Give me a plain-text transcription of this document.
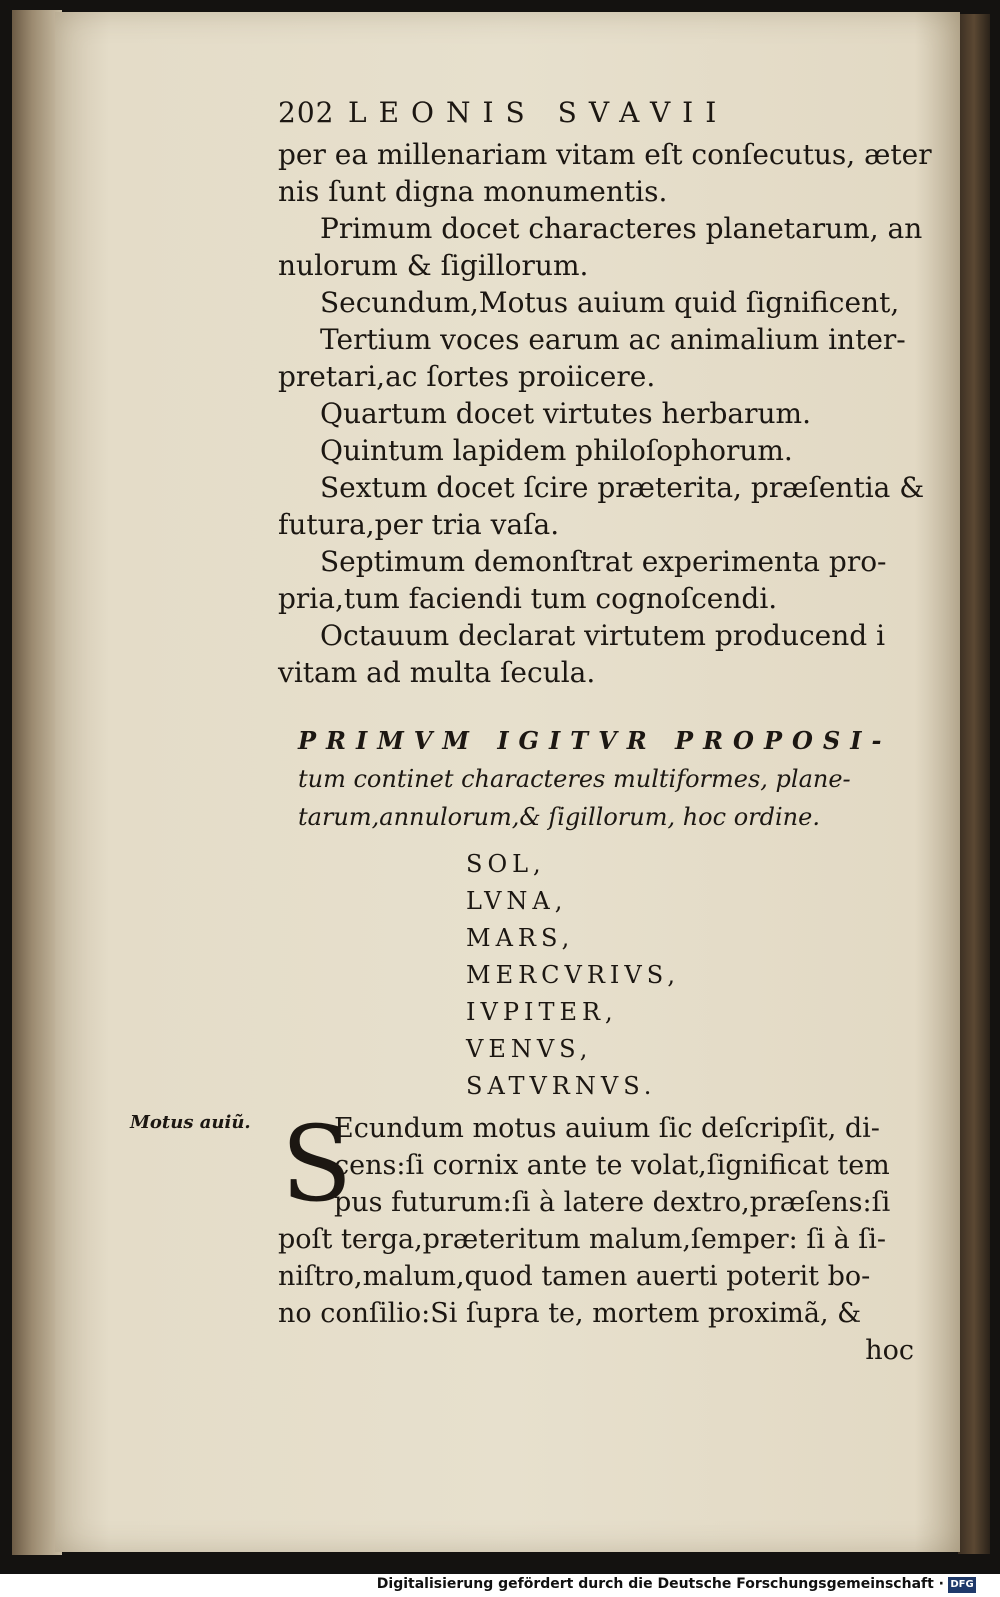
202 LEONIS SVAVII
per ea millenariam vitam eſt conſecutus, æter
nis ſunt digna monumentis.
Primum docet characteres planetarum, an
nulorum & ſigillorum.
Secundum,Motus auium quid ſignificent,
Tertium voces earum ac animalium inter-
pretari,ac ſortes proiicere.
Quartum docet virtutes herbarum.
Quintum lapidem philoſophorum.
Sextum docet ſcire præterita, præſentia &
futura,per tria vaſa.
Septimum demonſtrat experimenta pro-
pria,tum faciendi tum cognoſcendi.
Octauum declarat virtutem producend i
vitam ad multa ſecula.
PRIMVM IGITVR PROPOSI-
tum continet characteres multiformes, plane-
tarum,annulorum,& ſigillorum, hoc ordine.
SOL,
LVNA,
MARS,
MERCVRIVS,
IVPITER,
VENVS,
SATVRNVS.
Motus auiũ. S
Ecundum motus auium ſic deſcripſit, di-
cens:ſi cornix ante te volat,ſignificat tem
pus futurum:ſi à latere dextro,præſens:ſi
poſt terga,præteritum malum,ſemper: ſi à ſi-
niſtro,malum,quod tamen auerti poterit bo-
no conſilio:Si ſupra te, mortem proximã, &
hoc
Digitalisierung gefördert durch die Deutsche Forschungsgemeinschaft · DFG
